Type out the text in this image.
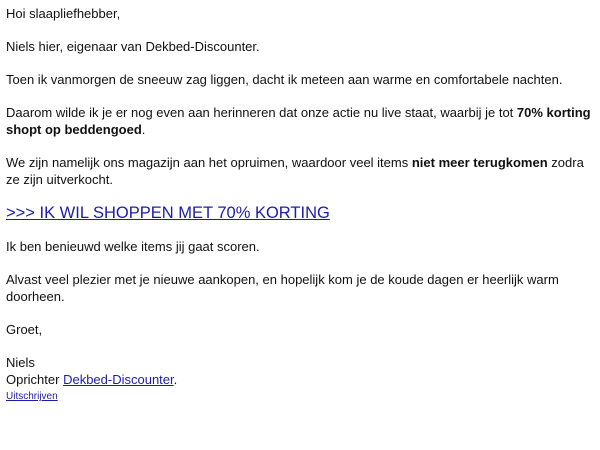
Hoi slaapliefhebber,

Niels hier, eigenaar van Dekbed-Discounter.

Toen ik vanmorgen de sneeuw zag liggen, dacht ik meteen aan warme en comfortabele nachten.

Daarom wilde ik je er nog even aan herinneren dat onze actie nu live staat, waarbij je tot 70% korting shopt op beddengoed.

We zijn namelijk ons magazijn aan het opruimen, waardoor veel items niet meer terugkomen zodra ze zijn uitverkocht.

>>> IK WIL SHOPPEN MET 70% KORTING

Ik ben benieuwd welke items jij gaat scoren.

Alvast veel plezier met je nieuwe aankopen, en hopelijk kom je de koude dagen er heerlijk warm doorheen.

Groet,

Niels
Oprichter Dekbed-Discounter.

Uitschrijven
